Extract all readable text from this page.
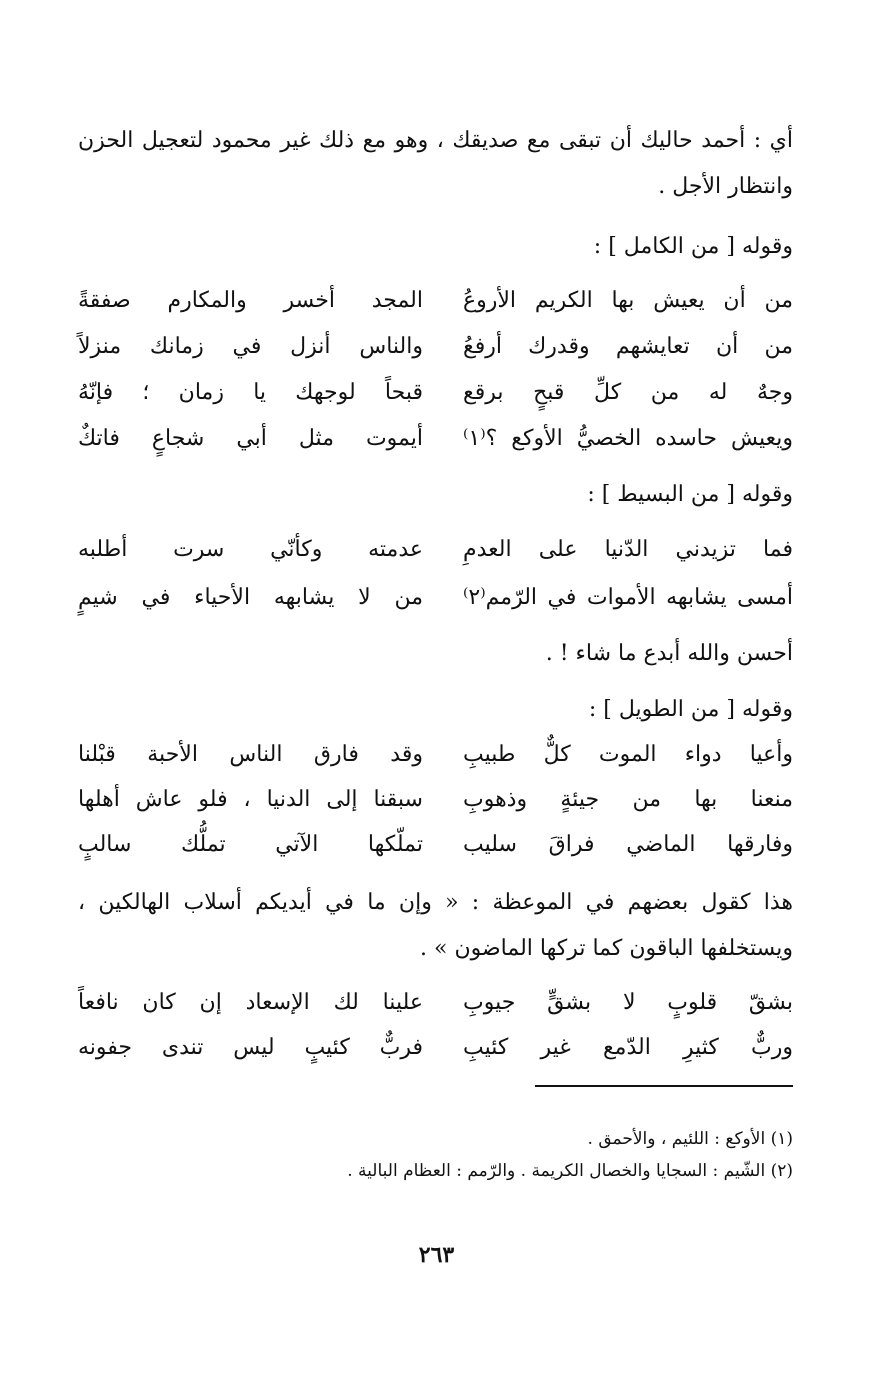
أي : أحمد حاليك أن تبقى مع صديقك ، وهو مع ذلك غير محمود لتعجيل الحزن وانتظار الأجل .
وقوله [ من الكامل ] :
المجد أخسر والمكارم صفقةً من أن يعيش بها الكريم الأروعُ
والناس أنزل في زمانك منزلاً من أن تعايشهم وقدرك أرفعُ
قبحاً لوجهك يا زمان ؛ فإنّهُ وجهٌ له من كلِّ قبحٍ برقع
أيموت مثل أبي شجاعٍ فاتكٌ ويعيش حاسده الخصيُّ الأوكع ؟⁽١⁾
وقوله [ من البسيط ] :
عدمته وكأنّي سرت أطلبه فما تزيدني الدّنيا على العدمِ
من لا يشابهه الأحياء في شيمٍ أمسى يشابهه الأموات في الرّمم⁽٢⁾
أحسن والله أبدع ما شاء ! .
وقوله [ من الطويل ] :
وقد فارق الناس الأحبة قبْلنا وأعيا دواء الموت كلٌّ طبيبِ
سبقنا إلى الدنيا ، فلو عاش أهلها منعنا بها من جيئةٍ وذهوبِ
تملّكها الآتي تملُّك سالبٍ وفارقها الماضي فراقَ سليب
هذا كقول بعضهم في الموعظة : « وإن ما في أيديكم أسلاب الهالكين ، ويستخلفها الباقون كما تركها الماضون » .
علينا لك الإسعاد إن كان نافعاً بشقّ قلوبٍ لا بشقٍّ جيوبِ
فربٌّ كئيبٍ ليس تندى جفونه وربٌّ كثيرِ الدّمع غير كئيبِ
(١) الأوكع : اللئيم ، والأحمق .
(٢) الشّيم : السجايا والخصال الكريمة . والرّمم : العظام البالية .
٢٦٣
